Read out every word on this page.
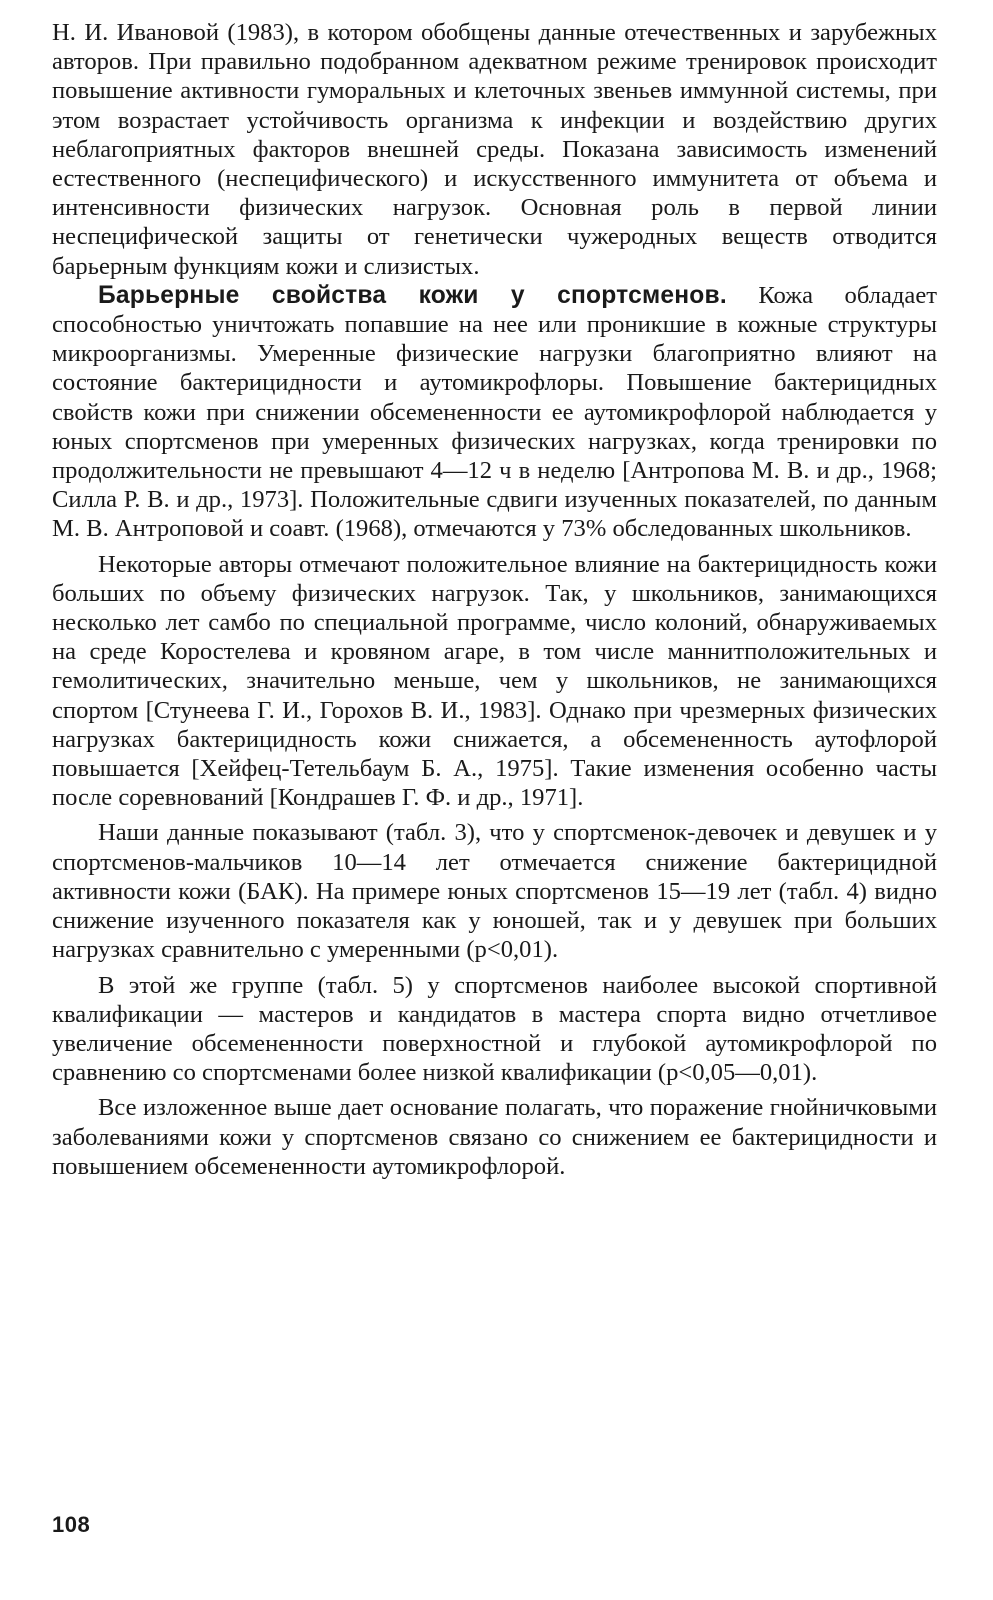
Н. И. Ивановой (1983), в котором обобщены данные отечественных и зарубежных авторов. При правильно подобранном адекватном режиме тренировок происходит повышение активности гуморальных и клеточных звеньев иммунной системы, при этом возрастает устойчивость организма к инфекции и воздействию других неблагоприятных факторов внешней среды. Показана зависимость изменений естественного (неспецифического) и искусственного иммунитета от объема и интенсивности физических нагрузок. Основная роль в первой линии неспецифической защиты от генетически чужеродных веществ отводится барьерным функциям кожи и слизистых.

Барьерные свойства кожи у спортсменов. Кожа обладает способностью уничтожать попавшие на нее или проникшие в кожные структуры микроорганизмы. Умеренные физические нагрузки благоприятно влияют на состояние бактерицидности и аутомикрофлоры. Повышение бактерицидных свойств кожи при снижении обсемененности ее аутомикрофлорой наблюдается у юных спортсменов при умеренных физических нагрузках, когда тренировки по продолжительности не превышают 4—12 ч в неделю [Антропова М. В. и др., 1968; Силла Р. В. и др., 1973]. Положительные сдвиги изученных показателей, по данным М. В. Антроповой и соавт. (1968), отмечаются у 73% обследованных школьников.

Некоторые авторы отмечают положительное влияние на бактерицидность кожи больших по объему физических нагрузок. Так, у школьников, занимающихся несколько лет самбо по специальной программе, число колоний, обнаруживаемых на среде Коростелева и кровяном агаре, в том числе маннитположительных и гемолитических, значительно меньше, чем у школьников, не занимающихся спортом [Стунеева Г. И., Горохов В. И., 1983]. Однако при чрезмерных физических нагрузках бактерицидность кожи снижается, а обсемененность аутофлорой повышается [Хейфец-Тетельбаум Б. А., 1975]. Такие изменения особенно часты после соревнований [Кондрашев Г. Ф. и др., 1971].

Наши данные показывают (табл. 3), что у спортсменок-девочек и девушек и у спортсменов-мальчиков 10—14 лет отмечается снижение бактерицидной активности кожи (БАК). На примере юных спортсменов 15—19 лет (табл. 4) видно снижение изученного показателя как у юношей, так и у девушек при больших нагрузках сравнительно с умеренными (р<0,01).

В этой же группе (табл. 5) у спортсменов наиболее высокой спортивной квалификации — мастеров и кандидатов в мастера спорта видно отчетливое увеличение обсемененности поверхностной и глубокой аутомикрофлорой по сравнению со спортсменами более низкой квалификации (р<0,05—0,01).

Все изложенное выше дает основание полагать, что поражение гнойничковыми заболеваниями кожи у спортсменов связано со снижением ее бактерицидности и повышением обсемененности аутомикрофлорой.

108
